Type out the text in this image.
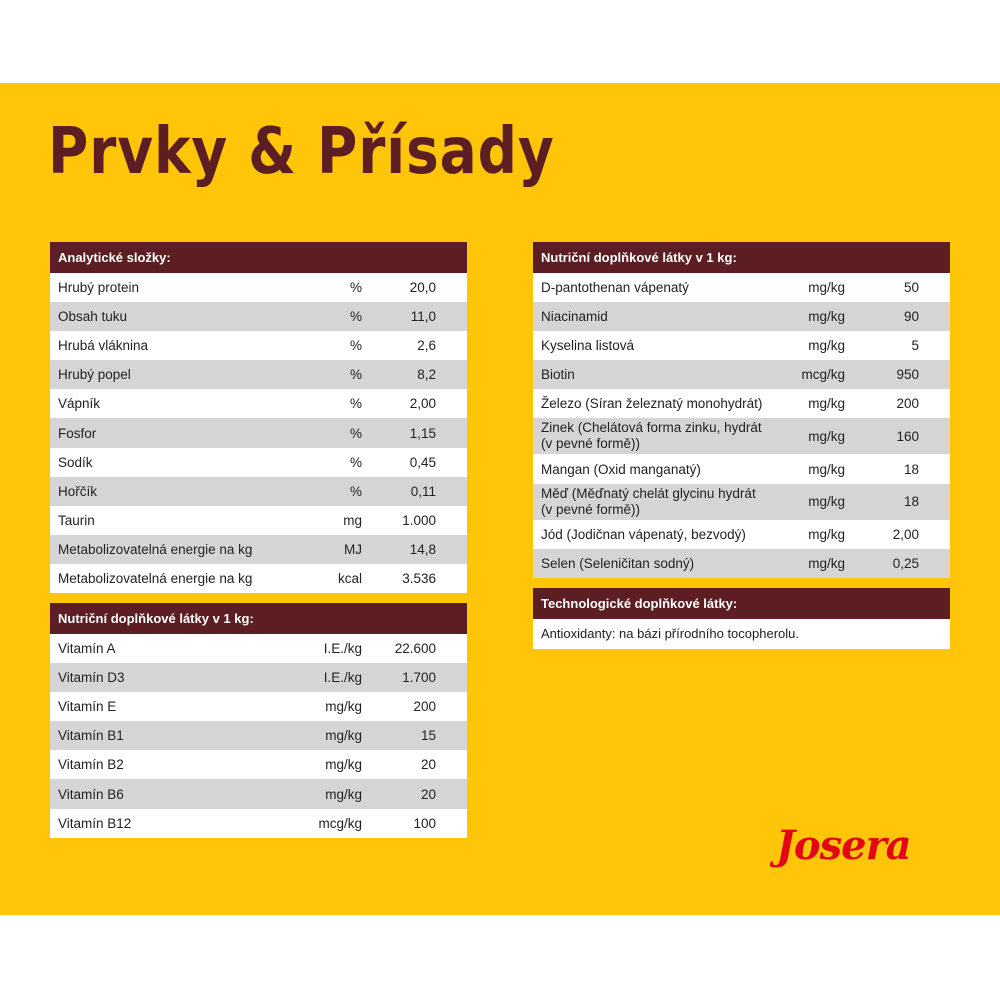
Prvky & Přísady
Analytické složky:
Hrubý protein	%	20,0
Obsah tuku	%	11,0
Hrubá vláknina	%	2,6
Hrubý popel	%	8,2
Vápník	%	2,00
Fosfor	%	1,15
Sodík	%	0,45
Hořčík	%	0,11
Taurin	mg	1.000
Metabolizovatelná energie na kg	MJ	14,8
Metabolizovatelná energie na kg	kcal	3.536
Nutriční doplňkové látky v 1 kg:
Vitamín A	I.E./kg 22.600
Vitamín D3	I.E./kg	1.700
Vitamín E	mg/kg	200
Vitamín B1	mg/kg	15
Vitamín B2	mg/kg	20
Vitamín B6	mg/kg	20
Vitamín B12	mcg/kg	100
Nutriční doplňkové látky v 1 kg:
D-pantothenan vápenatý	mg/kg	50
Niacinamid	mg/kg	90
Kyselina listová	mg/kg	5
Biotin	mcg/kg	950
Železo (Síran železnatý monohydrát)	mg/kg	200
Zinek (Chelátová forma zinku, hydrát
(v pevné formě))	mg/kg	160
Mangan (Oxid manganatý)	mg/kg	18
Měď (Měďnatý chelát glycinu hydrát
(v pevné formě))	mg/kg	18
Jód (Jodičnan vápenatý, bezvodý)	mg/kg	2,00
Selen (Seleničitan sodný)	mg/kg	0,25
Technologické doplňkové látky:
Antioxidanty: na bázi přírodního tocopherolu.
Josera
